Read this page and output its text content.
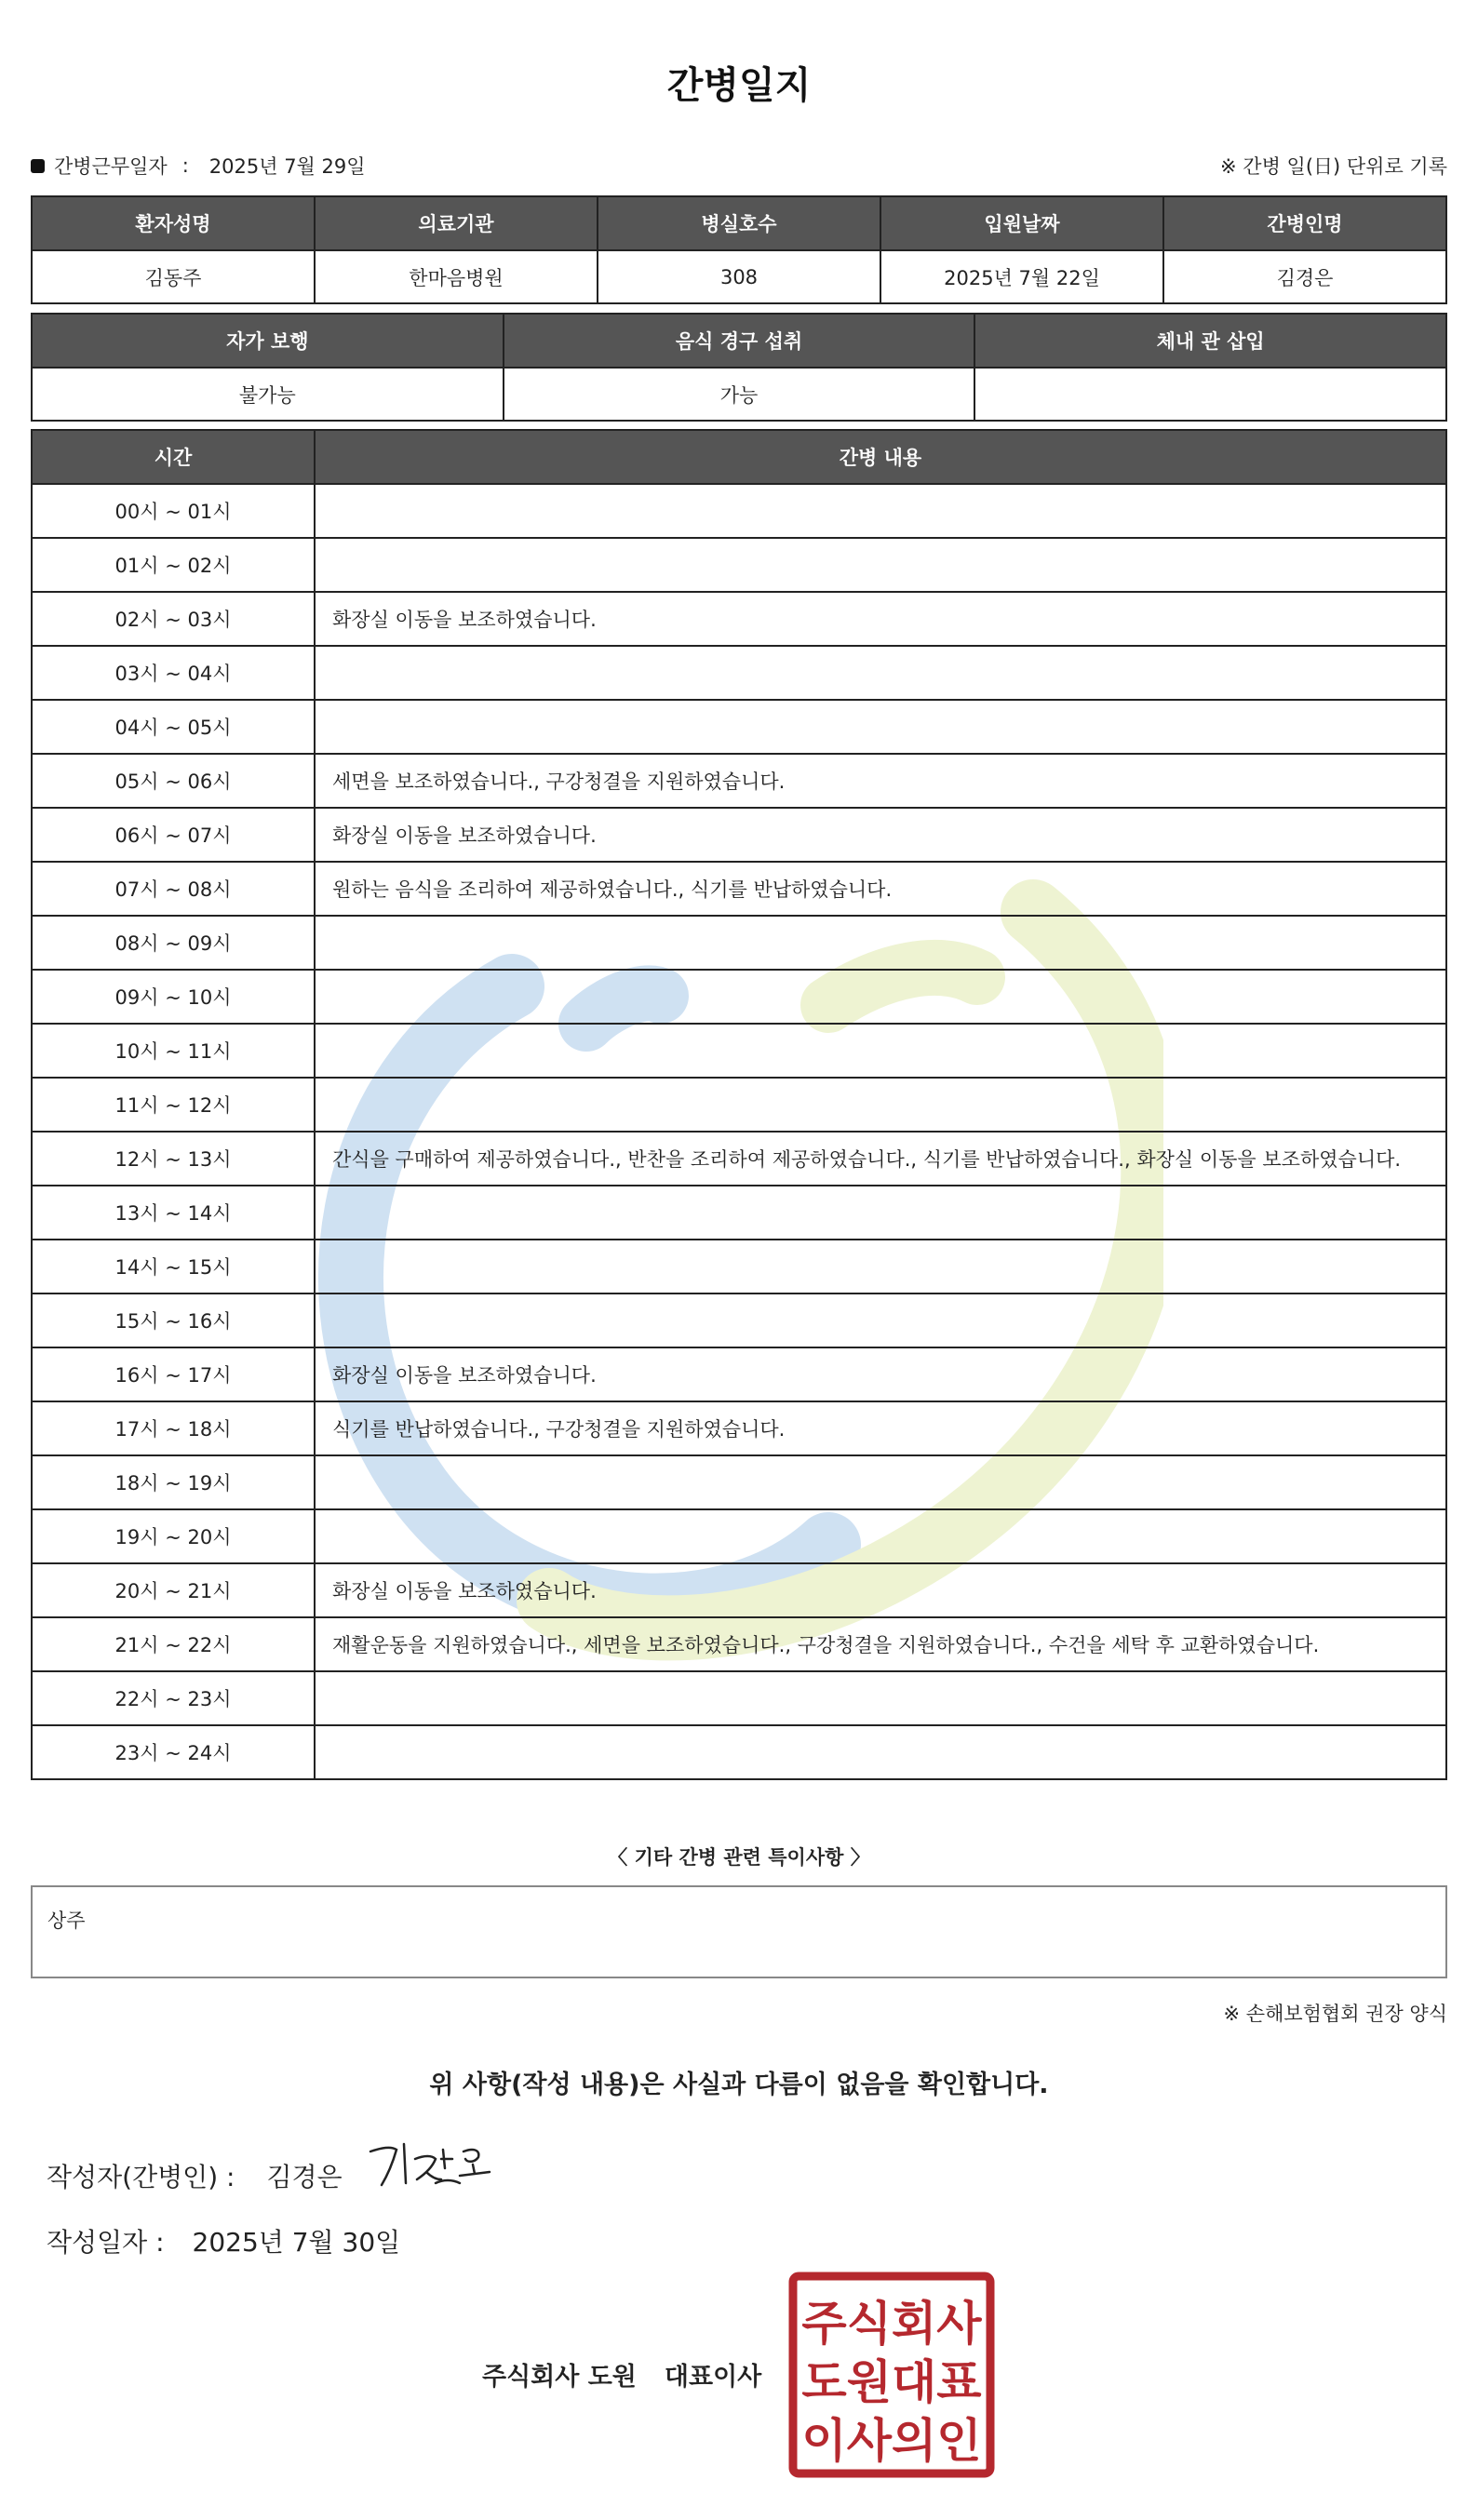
간병일지
간병근무일자 : 2025년 7월 29일	※ 간병 일(日) 단위로 기록
환자성명	의료기관	병실호수	입원날짜	간병인명
김동주	한마음병원	308	2025년 7월 22일	김경은
자가 보행	음식 경구 섭취	체내 관 삽입
불가능	가능	
시간	간병 내용
00시 ~ 01시	
01시 ~ 02시	
02시 ~ 03시	화장실 이동을 보조하였습니다.
03시 ~ 04시	
04시 ~ 05시	
05시 ~ 06시	세면을 보조하였습니다., 구강청결을 지원하였습니다.
06시 ~ 07시	화장실 이동을 보조하였습니다.
07시 ~ 08시	원하는 음식을 조리하여 제공하였습니다., 식기를 반납하였습니다.
08시 ~ 09시	
09시 ~ 10시	
10시 ~ 11시	
11시 ~ 12시	
12시 ~ 13시	간식을 구매하여 제공하였습니다., 반찬을 조리하여 제공하였습니다., 식기를 반납하였습니다., 화장실 이동을 보조하였습니다.
13시 ~ 14시	
14시 ~ 15시	
15시 ~ 16시	
16시 ~ 17시	화장실 이동을 보조하였습니다.
17시 ~ 18시	식기를 반납하였습니다., 구강청결을 지원하였습니다.
18시 ~ 19시	
19시 ~ 20시	
20시 ~ 21시	화장실 이동을 보조하였습니다.
21시 ~ 22시	재활운동을 지원하였습니다., 세면을 보조하였습니다., 구강청결을 지원하였습니다., 수건을 세탁 후 교환하였습니다.
22시 ~ 23시	
23시 ~ 24시	
〈 기타 간병 관련 특이사항 〉
상주
※ 손해보험협회 권장 양식
위 사항(작성 내용)은 사실과 다름이 없음을 확인합니다.
작성자(간병인) : 김경은
작성일자 : 2025년 7월 30일
주식회사 도원 대표이사
주식회사
도원대표
이사의인
